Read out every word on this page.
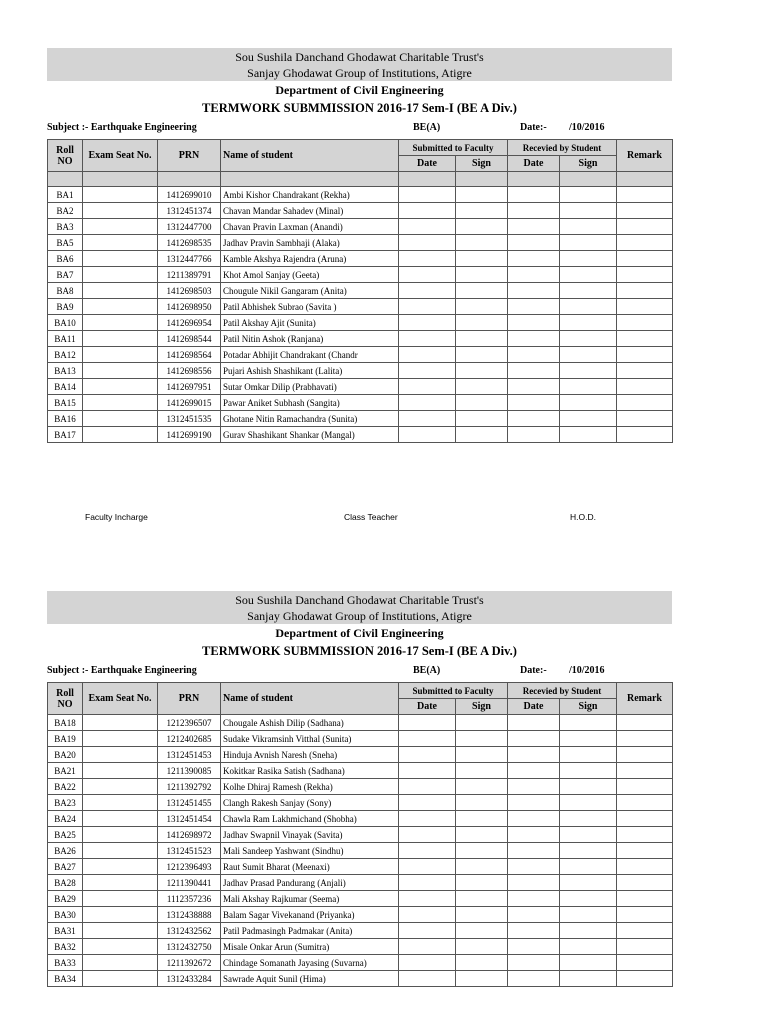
Sou Sushila Danchand Ghodawat Charitable Trust's
Sanjay Ghodawat Group of Institutions, Atigre
Department of Civil Engineering
TERMWORK SUBMMISSION 2016-17 Sem-I (BE A Div.)
Subject :- Earthquake Engineering	BE(A)	Date:- /10/2016
Roll NO	Exam Seat No.	PRN	Name of student	Submitted to Faculty		Recevied by Student		Remark
				Date	Sign	Date	Sign	

BA1		1412699010	Ambi Kishor Chandrakant (Rekha)					
BA2		1312451374	Chavan Mandar Sahadev (Minal)					
BA3		1312447700	Chavan Pravin Laxman (Anandi)					
BA5		1412698535	Jadhav Pravin Sambhaji (Alaka)					
BA6		1312447766	Kamble Akshya Rajendra (Aruna)					
BA7		1211389791	Khot Amol Sanjay (Geeta)					
BA8		1412698503	Chougule Nikil Gangaram (Anita)					
BA9		1412698950	Patil Abhishek Subrao (Savita )					
BA10		1412696954	Patil Akshay Ajit (Sunita)					
BA11		1412698544	Patil Nitin Ashok (Ranjana)					
BA12		1412698564	Potadar Abhijit Chandrakant (Chandr					
BA13		1412698556	Pujari Ashish Shashikant (Lalita)					
BA14		1412697951	Sutar Omkar Dilip (Prabhavati)					
BA15		1412699015	Pawar Aniket Subhash (Sangita)					
BA16		1312451535	Ghotane Nitin Ramachandra (Sunita)					
BA17		1412699190	Gurav Shashikant Shankar (Mangal)					
Faculty Incharge	Class Teacher	H.O.D.
Sou Sushila Danchand Ghodawat Charitable Trust's
Sanjay Ghodawat Group of Institutions, Atigre
Department of Civil Engineering
TERMWORK SUBMMISSION 2016-17 Sem-I (BE A Div.)
Subject :- Earthquake Engineering	BE(A)	Date:- /10/2016
Roll NO	Exam Seat No.	PRN	Name of student	Submitted to Faculty		Recevied by Student		Remark
				Date	Sign	Date	Sign	
BA18		1212396507	Chougale Ashish Dilip (Sadhana)					
BA19		1212402685	Sudake Vikramsinh Vitthal (Sunita)					
BA20		1312451453	Hinduja Avnish Naresh (Sneha)					
BA21		1211390085	Kokitkar Rasika Satish (Sadhana)					
BA22		1211392792	Kolhe Dhiraj Ramesh (Rekha)					
BA23		1312451455	Clangh Rakesh Sanjay (Sony)					
BA24		1312451454	Chawla Ram Lakhmichand (Shobha)					
BA25		1412698972	Jadhav Swapnil Vinayak (Savita)					
BA26		1312451523	Mali Sandeep Yashwant (Sindhu)					
BA27		1212396493	Raut Sumit Bharat (Meenaxi)					
BA28		1211390441	Jadhav Prasad Pandurang (Anjali)					
BA29		1112357236	Mali Akshay Rajkumar (Seema)					
BA30		1312438888	Balam Sagar Vivekanand (Priyanka)					
BA31		1312432562	Patil Padmasingh Padmakar (Anita)					
BA32		1312432750	Misale Onkar Arun (Sumitra)					
BA33		1211392672	Chindage Somanath Jayasing (Suvarna)					
BA34		1312433284	Sawrade Aquit Sunil (Hima)					
